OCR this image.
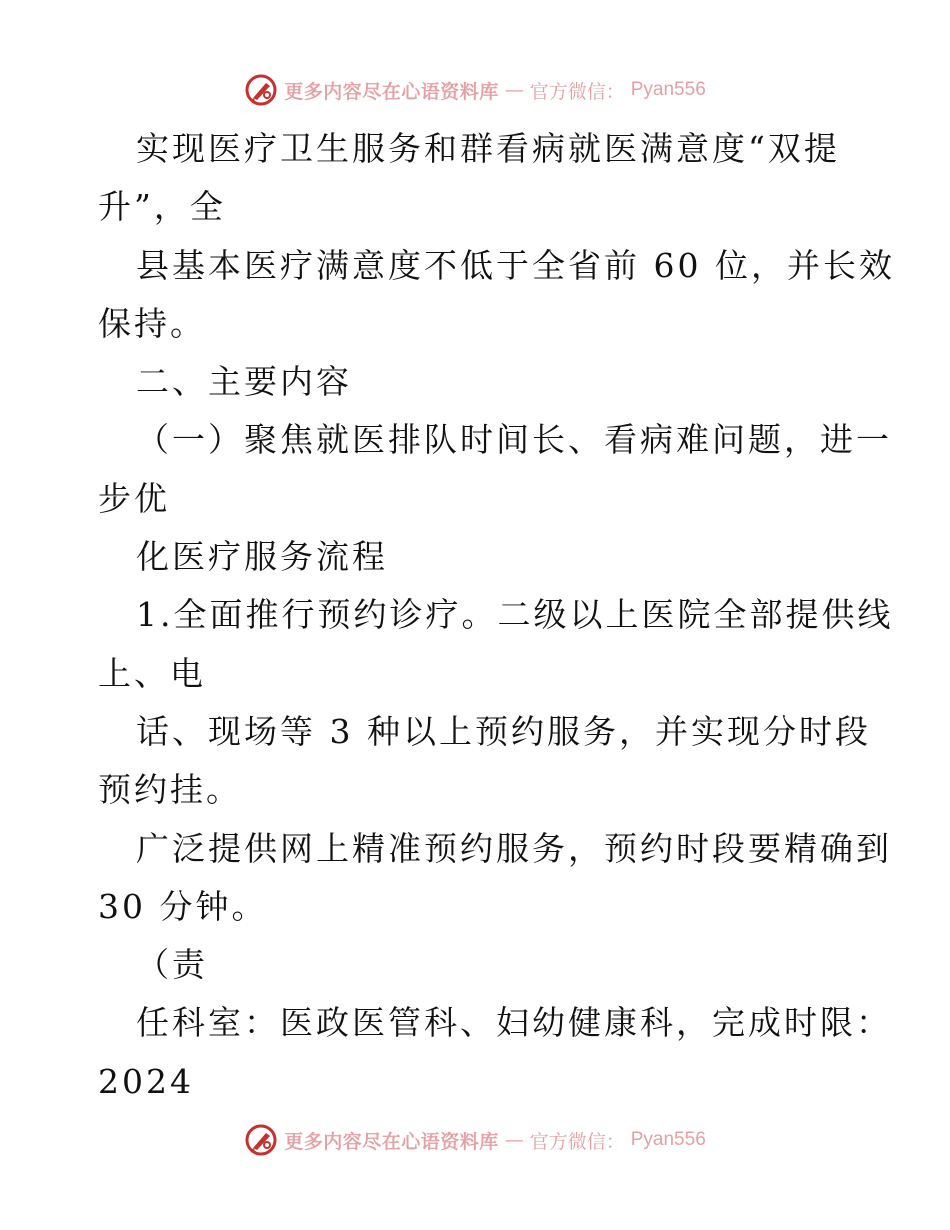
更多内容尽在心语资料库 — 官方微信： Pyan556
实现医疗卫生服务和群看病就医满意度“双提
升”，全
县基本医疗满意度不低于全省前 60 位，并长效
保持。
二、主要内容
（一）聚焦就医排队时间长、看病难问题，进一
步优
化医疗服务流程
1.全面推行预约诊疗。二级以上医院全部提供线
上、电
话、现场等 3 种以上预约服务，并实现分时段
预约挂。
广泛提供网上精准预约服务，预约时段要精确到
30 分钟。
（责
任科室：医政医管科、妇幼健康科，完成时限：
2024
更多内容尽在心语资料库 — 官方微信： Pyan556
